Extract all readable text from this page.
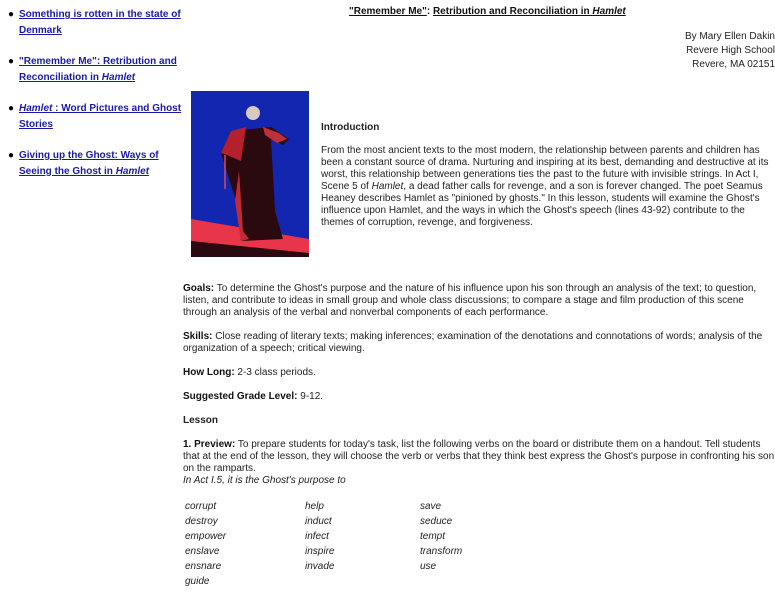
● Something is rotten in the state of Denmark
● "Remember Me": Retribution and Reconciliation in Hamlet
● Hamlet : Word Pictures and Ghost Stories
● Giving up the Ghost: Ways of Seeing the Ghost in Hamlet
"Remember Me": Retribution and Reconciliation in Hamlet
By Mary Ellen Dakin
Revere High School
Revere, MA 02151
Introduction
From the most ancient texts to the most modern, the relationship between parents and children has been a constant source of drama. Nurturing and inspiring at its best, demanding and destructive at its worst, this relationship between generations ties the past to the future with invisible strings. In Act I, Scene 5 of Hamlet, a dead father calls for revenge, and a son is forever changed. The poet Seamus Heaney describes Hamlet as "pinioned by ghosts." In this lesson, students will examine the Ghost's influence upon Hamlet, and the ways in which the Ghost's speech (lines 43-92) contribute to the themes of corruption, revenge, and forgiveness.
Goals: To determine the Ghost's purpose and the nature of his influence upon his son through an analysis of the text; to question, listen, and contribute to ideas in small group and whole class discussions; to compare a stage and film production of this scene through an analysis of the verbal and nonverbal components of each performance.
Skills: Close reading of literary texts; making inferences; examination of the denotations and connotations of words; analysis of the organization of a speech; critical viewing.
How Long: 2-3 class periods.
Suggested Grade Level: 9-12.
Lesson
1. Preview: To prepare students for today's task, list the following verbs on the board or distribute them on a handout. Tell students that at the end of the lesson, they will choose the verb or verbs that they think best express the Ghost's purpose in confronting his son on the ramparts.
In Act I.5, it is the Ghost's purpose to
corrupt
destroy
empower
enslave
ensnare
guide
help
induct
infect
inspire
invade
save
seduce
tempt
transform
use
